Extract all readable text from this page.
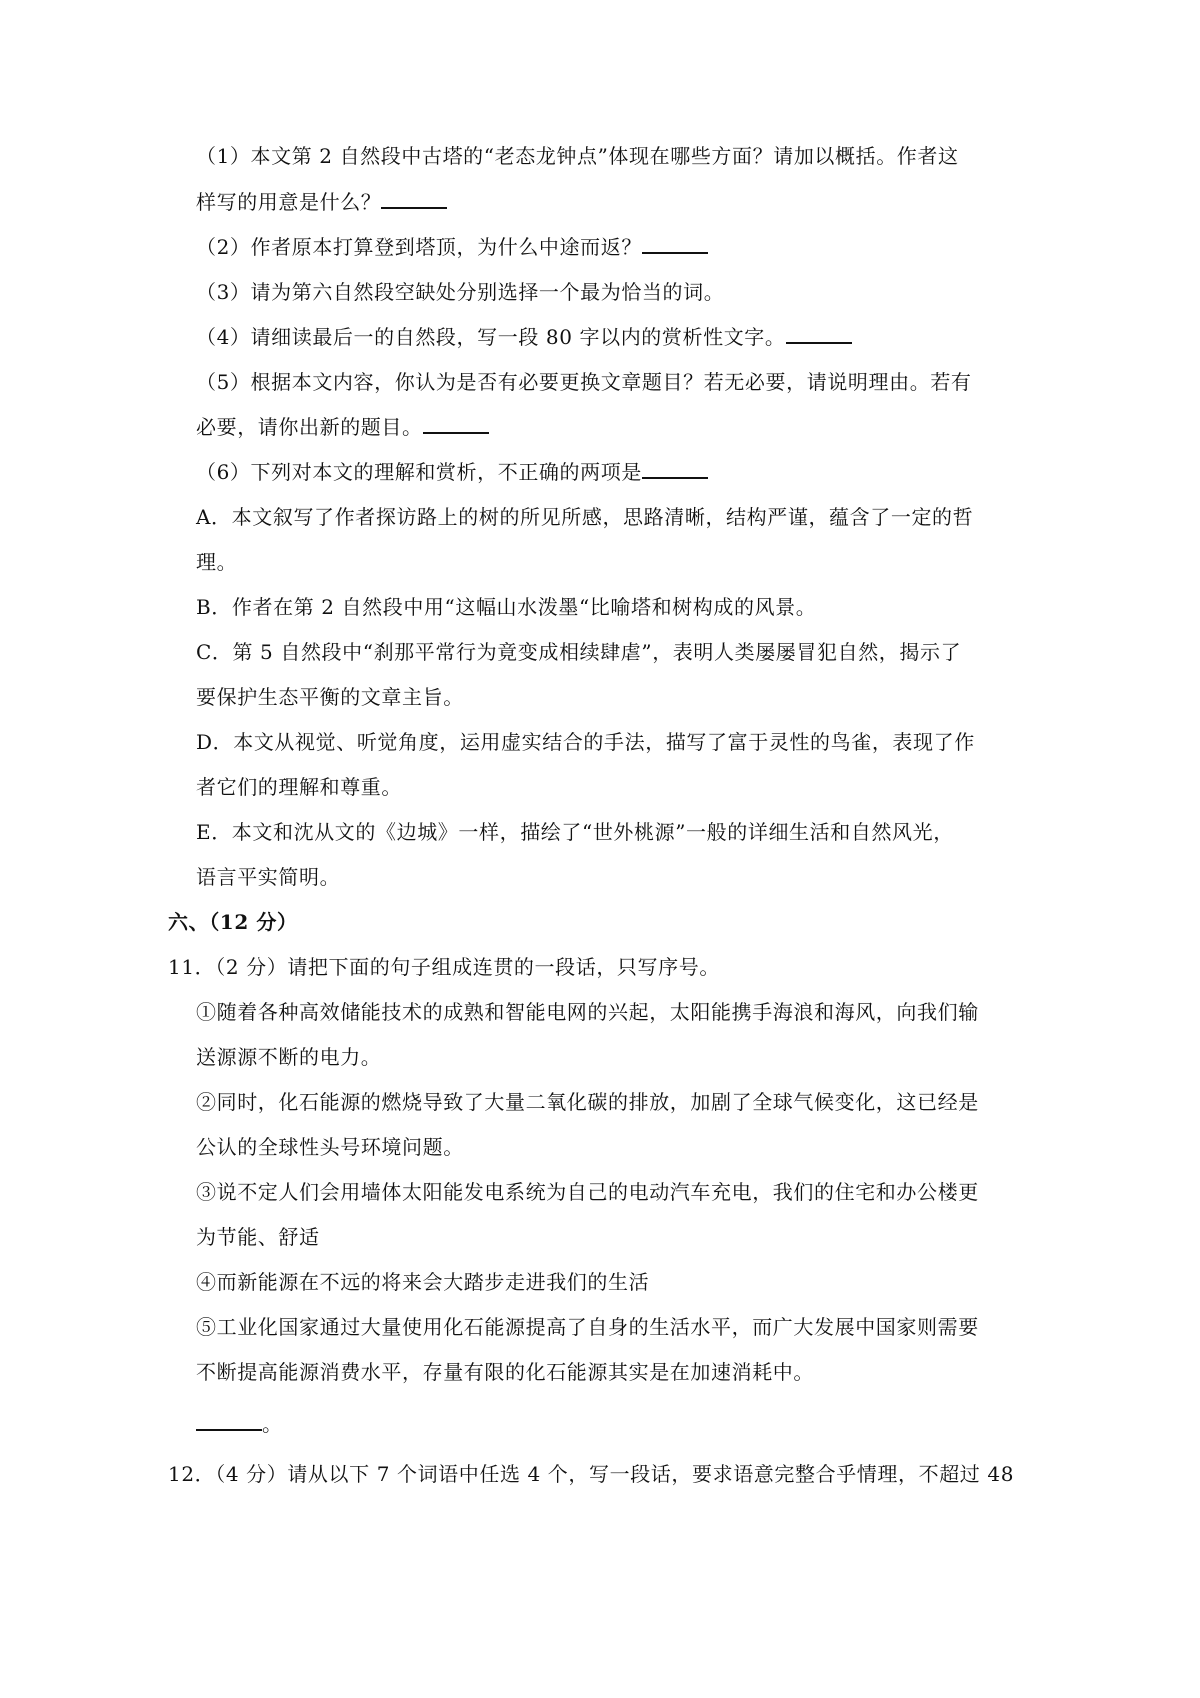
（1）本文第 2 自然段中古塔的“老态龙钟点”体现在哪些方面？请加以概括。作者这
样写的用意是什么？
（2）作者原本打算登到塔顶，为什么中途而返？
（3）请为第六自然段空缺处分别选择一个最为恰当的词。
（4）请细读最后一的自然段，写一段 80 字以内的赏析性文字。
（5）根据本文内容，你认为是否有必要更换文章题目？若无必要，请说明理由。若有
必要，请你出新的题目。
（6）下列对本文的理解和赏析，不正确的两项是
A．本文叙写了作者探访路上的树的所见所感，思路清晰，结构严谨，蕴含了一定的哲
理。
B．作者在第 2 自然段中用“这幅山水泼墨“比喻塔和树构成的风景。
C．第 5 自然段中“刹那平常行为竟变成相续肆虐”，表明人类屡屡冒犯自然，揭示了
要保护生态平衡的文章主旨。
D．本文从视觉、听觉角度，运用虚实结合的手法，描写了富于灵性的鸟雀，表现了作
者它们的理解和尊重。
E．本文和沈从文的《边城》一样，描绘了“世外桃源”一般的详细生活和自然风光，
语言平实简明。
六、（12 分）
11．（2 分）请把下面的句子组成连贯的一段话，只写序号。
①随着各种高效储能技术的成熟和智能电网的兴起，太阳能携手海浪和海风，向我们输
送源源不断的电力。
②同时，化石能源的燃烧导致了大量二氧化碳的排放，加剧了全球气候变化，这已经是
公认的全球性头号环境问题。
③说不定人们会用墙体太阳能发电系统为自己的电动汽车充电，我们的住宅和办公楼更
为节能、舒适
④而新能源在不远的将来会大踏步走进我们的生活
⑤工业化国家通过大量使用化石能源提高了自身的生活水平，而广大发展中国家则需要
不断提高能源消费水平，存量有限的化石能源其实是在加速消耗中。
。
12．（4 分）请从以下 7 个词语中任选 4 个，写一段话，要求语意完整合乎情理，不超过 48
